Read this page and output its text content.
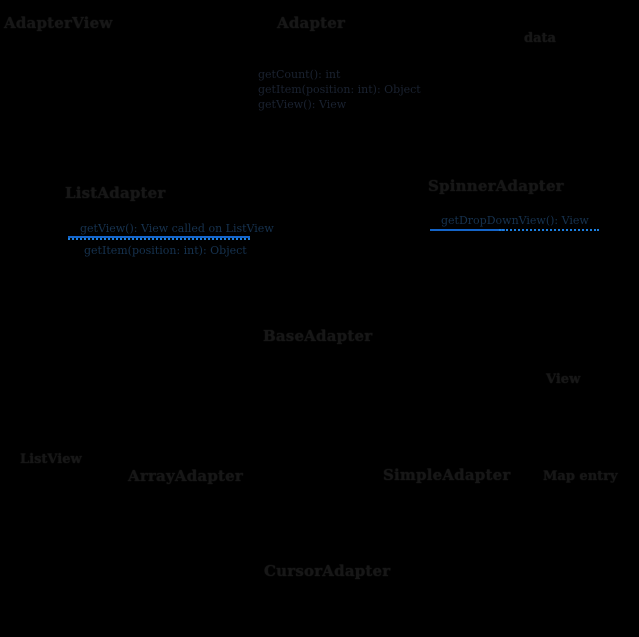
AdapterView	Adapter
data
ListAdapter	SpinnerAdapter
BaseAdapter
View
ListView
ArrayAdapter	SimpleAdapter	Map entry
CursorAdapter
getCount(): int
getItem(position: int): Object
getView(): View
getView(): View called on ListView
getItem(position: int): Object
getDropDownView(): View
